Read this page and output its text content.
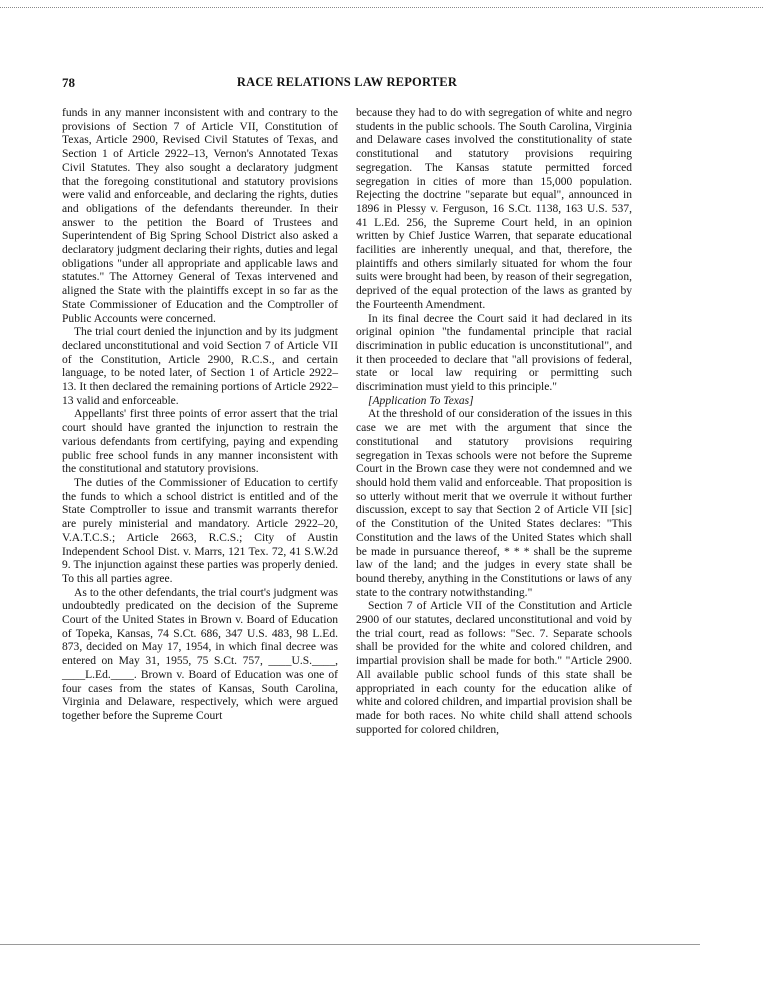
78	RACE RELATIONS LAW REPORTER

funds in any manner inconsistent with and contrary to the provisions of Section 7 of Article VII, Constitution of Texas, Article 2900, Revised Civil Statutes of Texas, and Section 1 of Article 2922–13, Vernon's Annotated Texas Civil Statutes. They also sought a declaratory judgment that the foregoing constitutional and statutory provisions were valid and enforceable, and declaring the rights, duties and obligations of the defendants thereunder. In their answer to the petition the Board of Trustees and Superintendent of Big Spring School District also asked a declaratory judgment declaring their rights, duties and legal obligations "under all appropriate and applicable laws and statutes." The Attorney General of Texas intervened and aligned the State with the plaintiffs except in so far as the State Commissioner of Education and the Comptroller of Public Accounts were concerned.

The trial court denied the injunction and by its judgment declared unconstitutional and void Section 7 of Article VII of the Constitution, Article 2900, R.C.S., and certain language, to be noted later, of Section 1 of Article 2922–13. It then declared the remaining portions of Article 2922–13 valid and enforceable.

Appellants' first three points of error assert that the trial court should have granted the injunction to restrain the various defendants from certifying, paying and expending public free school funds in any manner inconsistent with the constitutional and statutory provisions.

The duties of the Commissioner of Education to certify the funds to which a school district is entitled and of the State Comptroller to issue and transmit warrants therefor are purely ministerial and mandatory. Article 2922–20, V.A.T.C.S.; Article 2663, R.C.S.; City of Austin Independent School Dist. v. Marrs, 121 Tex. 72, 41 S.W.2d 9. The injunction against these parties was properly denied. To this all parties agree.

As to the other defendants, the trial court's judgment was undoubtedly predicated on the decision of the Supreme Court of the United States in Brown v. Board of Education of Topeka, Kansas, 74 S.Ct. 686, 347 U.S. 483, 98 L.Ed. 873, decided on May 17, 1954, in which final decree was entered on May 31, 1955, 75 S.Ct. 757, ____U.S.____, ____L.Ed.____. Brown v. Board of Education was one of four cases from the states of Kansas, South Carolina, Virginia and Delaware, respectively, which were argued together before the Supreme Court

because they had to do with segregation of white and negro students in the public schools. The South Carolina, Virginia and Delaware cases involved the constitutionality of state constitutional and statutory provisions requiring segregation. The Kansas statute permitted forced segregation in cities of more than 15,000 population. Rejecting the doctrine "separate but equal", announced in 1896 in Plessy v. Ferguson, 16 S.Ct. 1138, 163 U.S. 537, 41 L.Ed. 256, the Supreme Court held, in an opinion written by Chief Justice Warren, that separate educational facilities are inherently unequal, and that, therefore, the plaintiffs and others similarly situated for whom the four suits were brought had been, by reason of their segregation, deprived of the equal protection of the laws as granted by the Fourteenth Amendment.

In its final decree the Court said it had declared in its original opinion "the fundamental principle that racial discrimination in public education is unconstitutional", and it then proceeded to declare that "all provisions of federal, state or local law requiring or permitting such discrimination must yield to this principle."

[Application To Texas]

At the threshold of our consideration of the issues in this case we are met with the argument that since the constitutional and statutory provisions requiring segregation in Texas schools were not before the Supreme Court in the Brown case they were not condemned and we should hold them valid and enforceable. That proposition is so utterly without merit that we overrule it without further discussion, except to say that Section 2 of Article VII [sic] of the Constitution of the United States declares: "This Constitution and the laws of the United States which shall be made in pursuance thereof, * * * shall be the supreme law of the land; and the judges in every state shall be bound thereby, anything in the Constitutions or laws of any state to the contrary notwithstanding."

Section 7 of Article VII of the Constitution and Article 2900 of our statutes, declared unconstitutional and void by the trial court, read as follows: "Sec. 7. Separate schools shall be provided for the white and colored children, and impartial provision shall be made for both." "Article 2900. All available public school funds of this state shall be appropriated in each county for the education alike of white and colored children, and impartial provision shall be made for both races. No white child shall attend schools supported for colored children,
